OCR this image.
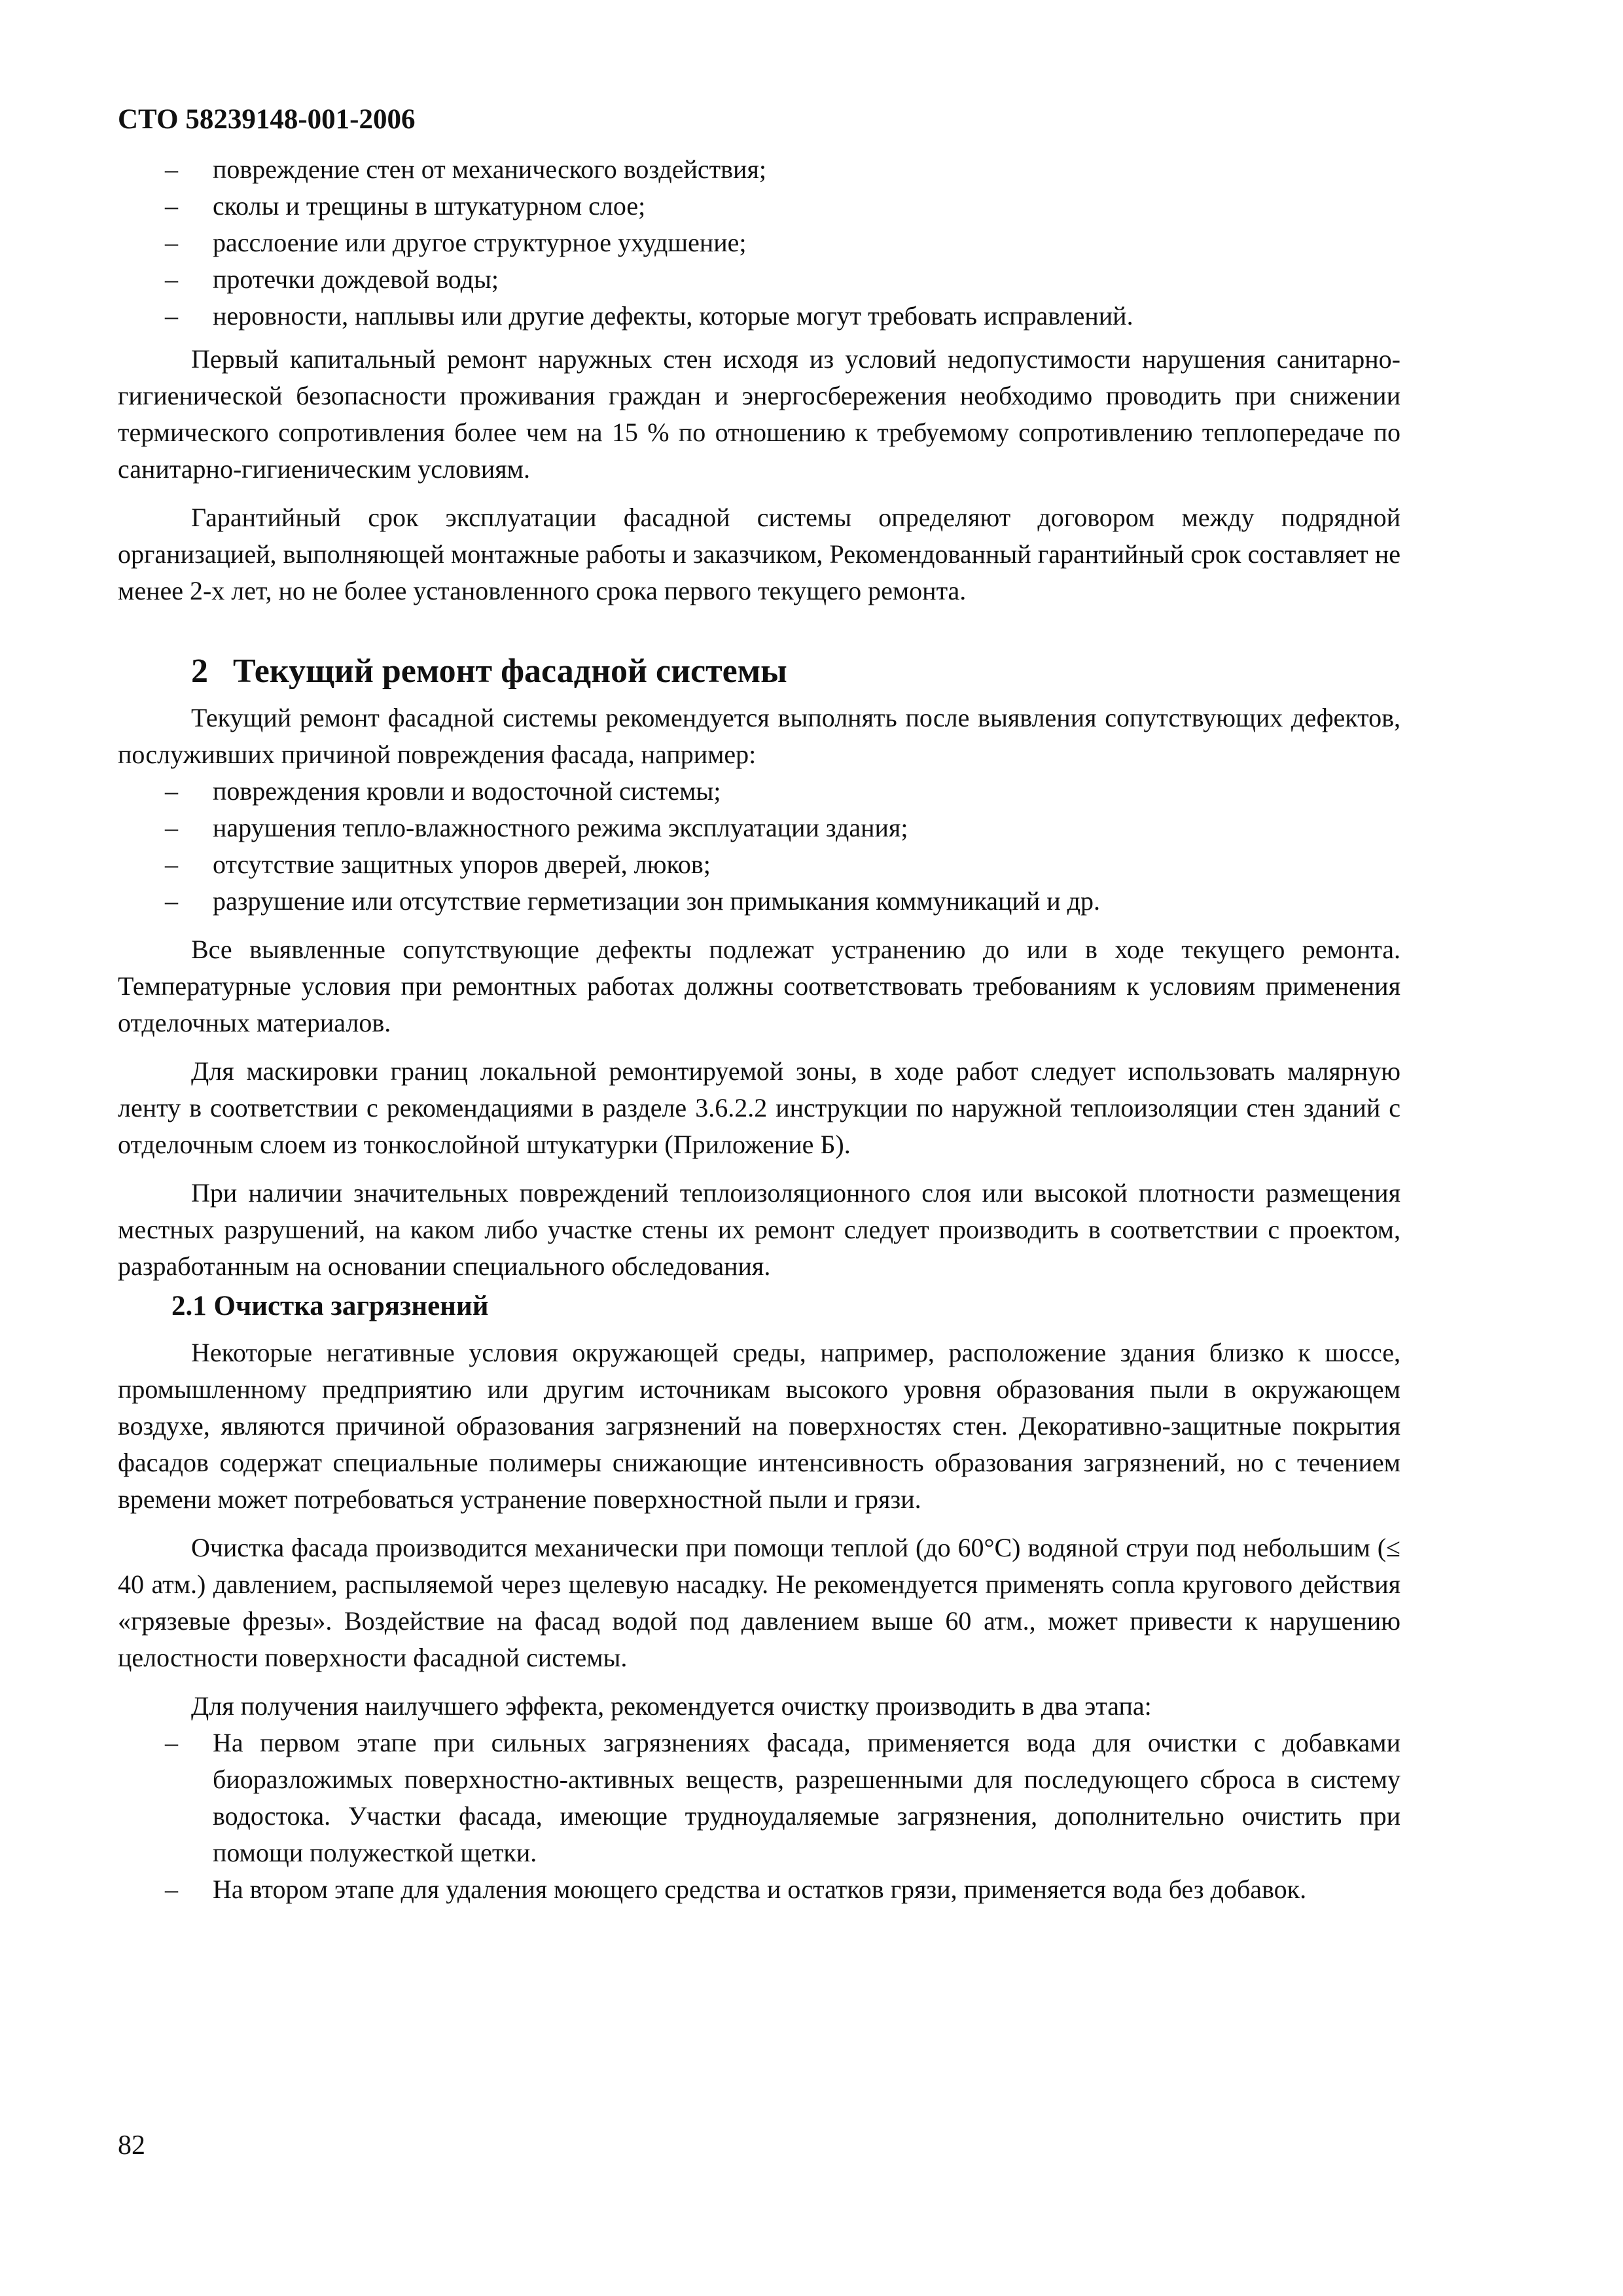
СТО 58239148-001-2006
– повреждение стен от механического воздействия;
– сколы и трещины в штукатурном слое;
– расслоение или другое структурное ухудшение;
– протечки дождевой воды;
– неровности, наплывы или другие дефекты, которые могут требовать исправлений.

Первый капитальный ремонт наружных стен исходя из условий недопустимости нарушения санитарно-гигиенической безопасности проживания граждан и энергосбережения необходимо проводить при снижении термического сопротивления более чем на 15 % по отношению к требуемому сопротивлению теплопередаче по санитарно-гигиеническим условиям.

Гарантийный срок эксплуатации фасадной системы определяют договором между подрядной организацией, выполняющей монтажные работы и заказчиком, Рекомендованный гарантийный срок составляет не менее 2-х лет, но не более установленного срока первого текущего ремонта.

2 Текущий ремонт фасадной системы

Текущий ремонт фасадной системы рекомендуется выполнять после выявления сопутствующих дефектов, послуживших причиной повреждения фасада, например:

– повреждения кровли и водосточной системы;
– нарушения тепло-влажностного режима эксплуатации здания;
– отсутствие защитных упоров дверей, люков;
– разрушение или отсутствие герметизации зон примыкания коммуникаций и др.

Все выявленные сопутствующие дефекты подлежат устранению до или в ходе текущего ремонта. Температурные условия при ремонтных работах должны соответствовать требованиям к условиям применения отделочных материалов.

Для маскировки границ локальной ремонтируемой зоны, в ходе работ следует использовать малярную ленту в соответствии с рекомендациями в разделе 3.6.2.2 инструкции по наружной теплоизоляции стен зданий с отделочным слоем из тонкослойной штукатурки (Приложение Б).

При наличии значительных повреждений теплоизоляционного слоя или высокой плотности размещения местных разрушений, на каком либо участке стены их ремонт следует производить в соответствии с проектом, разработанным на основании специального обследования.

2.1 Очистка загрязнений

Некоторые негативные условия окружающей среды, например, расположение здания близко к шоссе, промышленному предприятию или другим источникам высокого уровня образования пыли в окружающем воздухе, являются причиной образования загрязнений на поверхностях стен. Декоративно-защитные покрытия фасадов содержат специальные полимеры снижающие интенсивность образования загрязнений, но с течением времени может потребоваться устранение поверхностной пыли и грязи.

Очистка фасада производится механически при помощи теплой (до 60°С) водяной струи под небольшим (≤ 40 атм.) давлением, распыляемой через щелевую насадку. Не рекомендуется применять сопла кругового действия «грязевые фрезы». Воздействие на фасад водой под давлением выше 60 атм., может привести к нарушению целостности поверхности фасадной системы.

Для получения наилучшего эффекта, рекомендуется очистку производить в два этапа:

– На первом этапе при сильных загрязнениях фасада, применяется вода для очистки с добавками биоразложимых поверхностно-активных веществ, разрешенными для последующего сброса в систему водостока. Участки фасада, имеющие трудноудаляемые загрязнения, дополнительно очистить при помощи полужесткой щетки.
– На втором этапе для удаления моющего средства и остатков грязи, применяется вода без добавок.
82
